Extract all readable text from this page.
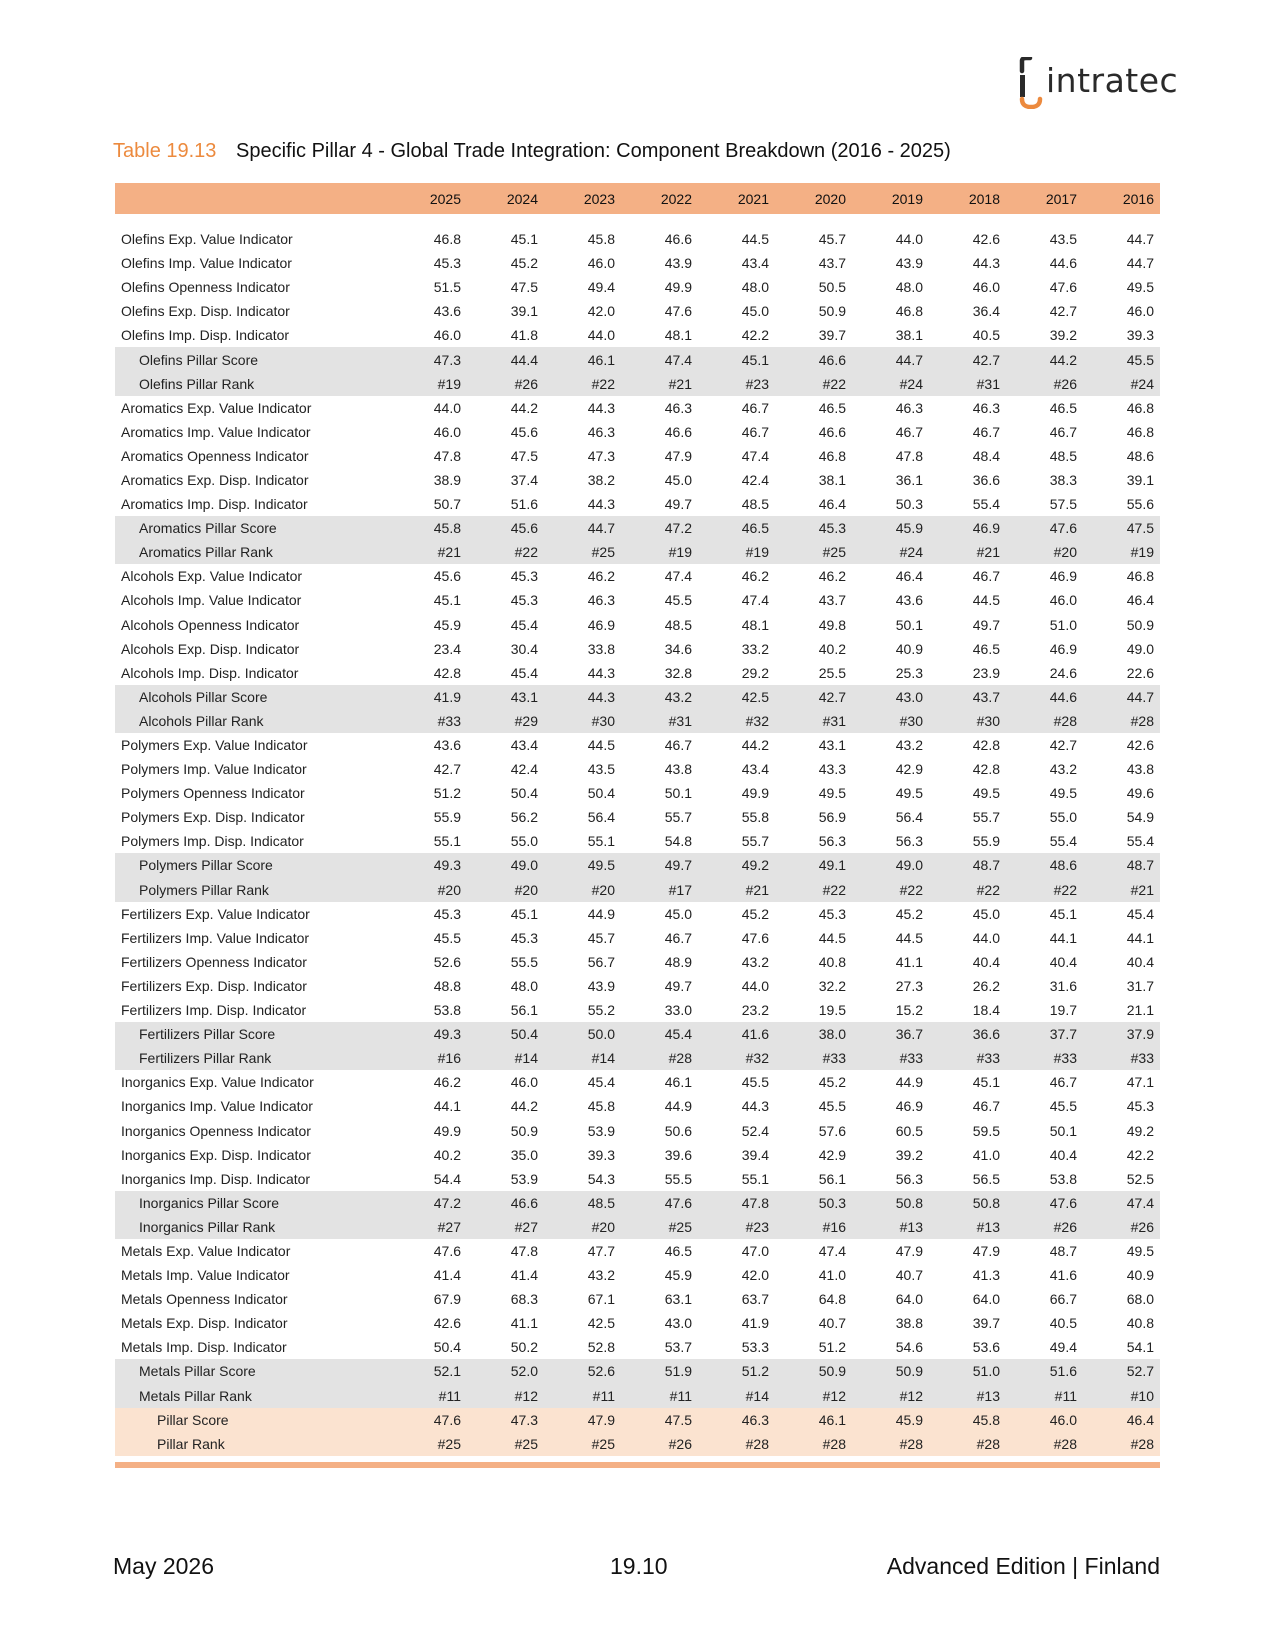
intratec
Table 19.13 Specific Pillar 4 - Global Trade Integration: Component Breakdown (2016 - 2025)
	2025	2024	2023	2022	2021	2020	2019	2018	2017	2016

Olefins Exp. Value Indicator	46.8	45.1	45.8	46.6	44.5	45.7	44.0	42.6	43.5	44.7
Olefins Imp. Value Indicator	45.3	45.2	46.0	43.9	43.4	43.7	43.9	44.3	44.6	44.7
Olefins Openness Indicator	51.5	47.5	49.4	49.9	48.0	50.5	48.0	46.0	47.6	49.5
Olefins Exp. Disp. Indicator	43.6	39.1	42.0	47.6	45.0	50.9	46.8	36.4	42.7	46.0
Olefins Imp. Disp. Indicator	46.0	41.8	44.0	48.1	42.2	39.7	38.1	40.5	39.2	39.3
Olefins Pillar Score	47.3	44.4	46.1	47.4	45.1	46.6	44.7	42.7	44.2	45.5
Olefins Pillar Rank	#19	#26	#22	#21	#23	#22	#24	#31	#26	#24
Aromatics Exp. Value Indicator	44.0	44.2	44.3	46.3	46.7	46.5	46.3	46.3	46.5	46.8
Aromatics Imp. Value Indicator	46.0	45.6	46.3	46.6	46.7	46.6	46.7	46.7	46.7	46.8
Aromatics Openness Indicator	47.8	47.5	47.3	47.9	47.4	46.8	47.8	48.4	48.5	48.6
Aromatics Exp. Disp. Indicator	38.9	37.4	38.2	45.0	42.4	38.1	36.1	36.6	38.3	39.1
Aromatics Imp. Disp. Indicator	50.7	51.6	44.3	49.7	48.5	46.4	50.3	55.4	57.5	55.6
Aromatics Pillar Score	45.8	45.6	44.7	47.2	46.5	45.3	45.9	46.9	47.6	47.5
Aromatics Pillar Rank	#21	#22	#25	#19	#19	#25	#24	#21	#20	#19
Alcohols Exp. Value Indicator	45.6	45.3	46.2	47.4	46.2	46.2	46.4	46.7	46.9	46.8
Alcohols Imp. Value Indicator	45.1	45.3	46.3	45.5	47.4	43.7	43.6	44.5	46.0	46.4
Alcohols Openness Indicator	45.9	45.4	46.9	48.5	48.1	49.8	50.1	49.7	51.0	50.9
Alcohols Exp. Disp. Indicator	23.4	30.4	33.8	34.6	33.2	40.2	40.9	46.5	46.9	49.0
Alcohols Imp. Disp. Indicator	42.8	45.4	44.3	32.8	29.2	25.5	25.3	23.9	24.6	22.6
Alcohols Pillar Score	41.9	43.1	44.3	43.2	42.5	42.7	43.0	43.7	44.6	44.7
Alcohols Pillar Rank	#33	#29	#30	#31	#32	#31	#30	#30	#28	#28
Polymers Exp. Value Indicator	43.6	43.4	44.5	46.7	44.2	43.1	43.2	42.8	42.7	42.6
Polymers Imp. Value Indicator	42.7	42.4	43.5	43.8	43.4	43.3	42.9	42.8	43.2	43.8
Polymers Openness Indicator	51.2	50.4	50.4	50.1	49.9	49.5	49.5	49.5	49.5	49.6
Polymers Exp. Disp. Indicator	55.9	56.2	56.4	55.7	55.8	56.9	56.4	55.7	55.0	54.9
Polymers Imp. Disp. Indicator	55.1	55.0	55.1	54.8	55.7	56.3	56.3	55.9	55.4	55.4
Polymers Pillar Score	49.3	49.0	49.5	49.7	49.2	49.1	49.0	48.7	48.6	48.7
Polymers Pillar Rank	#20	#20	#20	#17	#21	#22	#22	#22	#22	#21
Fertilizers Exp. Value Indicator	45.3	45.1	44.9	45.0	45.2	45.3	45.2	45.0	45.1	45.4
Fertilizers Imp. Value Indicator	45.5	45.3	45.7	46.7	47.6	44.5	44.5	44.0	44.1	44.1
Fertilizers Openness Indicator	52.6	55.5	56.7	48.9	43.2	40.8	41.1	40.4	40.4	40.4
Fertilizers Exp. Disp. Indicator	48.8	48.0	43.9	49.7	44.0	32.2	27.3	26.2	31.6	31.7
Fertilizers Imp. Disp. Indicator	53.8	56.1	55.2	33.0	23.2	19.5	15.2	18.4	19.7	21.1
Fertilizers Pillar Score	49.3	50.4	50.0	45.4	41.6	38.0	36.7	36.6	37.7	37.9
Fertilizers Pillar Rank	#16	#14	#14	#28	#32	#33	#33	#33	#33	#33
Inorganics Exp. Value Indicator	46.2	46.0	45.4	46.1	45.5	45.2	44.9	45.1	46.7	47.1
Inorganics Imp. Value Indicator	44.1	44.2	45.8	44.9	44.3	45.5	46.9	46.7	45.5	45.3
Inorganics Openness Indicator	49.9	50.9	53.9	50.6	52.4	57.6	60.5	59.5	50.1	49.2
Inorganics Exp. Disp. Indicator	40.2	35.0	39.3	39.6	39.4	42.9	39.2	41.0	40.4	42.2
Inorganics Imp. Disp. Indicator	54.4	53.9	54.3	55.5	55.1	56.1	56.3	56.5	53.8	52.5
Inorganics Pillar Score	47.2	46.6	48.5	47.6	47.8	50.3	50.8	50.8	47.6	47.4
Inorganics Pillar Rank	#27	#27	#20	#25	#23	#16	#13	#13	#26	#26
Metals Exp. Value Indicator	47.6	47.8	47.7	46.5	47.0	47.4	47.9	47.9	48.7	49.5
Metals Imp. Value Indicator	41.4	41.4	43.2	45.9	42.0	41.0	40.7	41.3	41.6	40.9
Metals Openness Indicator	67.9	68.3	67.1	63.1	63.7	64.8	64.0	64.0	66.7	68.0
Metals Exp. Disp. Indicator	42.6	41.1	42.5	43.0	41.9	40.7	38.8	39.7	40.5	40.8
Metals Imp. Disp. Indicator	50.4	50.2	52.8	53.7	53.3	51.2	54.6	53.6	49.4	54.1
Metals Pillar Score	52.1	52.0	52.6	51.9	51.2	50.9	50.9	51.0	51.6	52.7
Metals Pillar Rank	#11	#12	#11	#11	#14	#12	#12	#13	#11	#10
Pillar Score	47.6	47.3	47.9	47.5	46.3	46.1	45.9	45.8	46.0	46.4
Pillar Rank	#25	#25	#25	#26	#28	#28	#28	#28	#28	#28
May 2026	19.10	Advanced Edition | Finland
